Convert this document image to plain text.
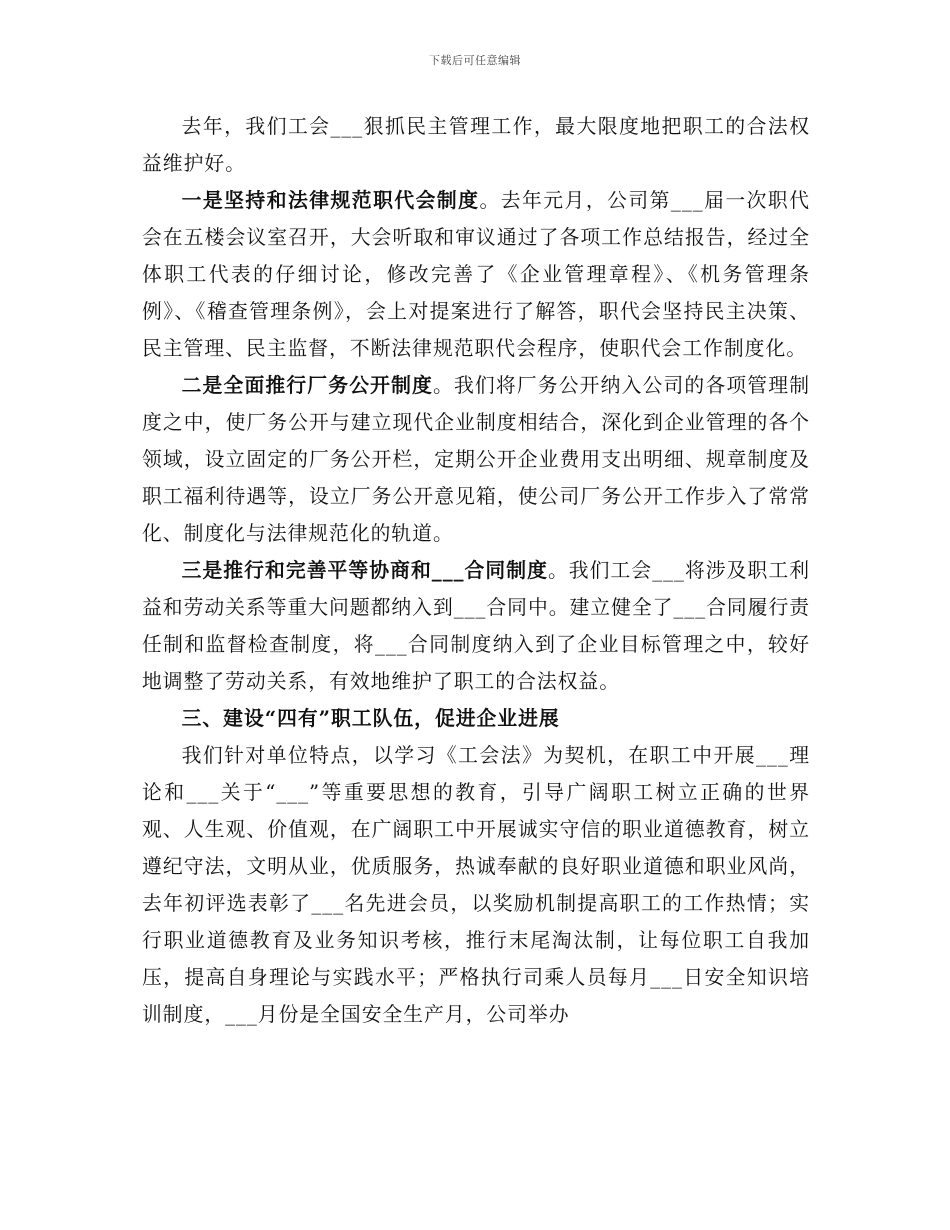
下载后可任意编辑

去年，我们工会___狠抓民主管理工作，最大限度地把职工的合法权益维护好。

一是坚持和法律规范职代会制度。去年元月，公司第___届一次职代会在五楼会议室召开，大会听取和审议通过了各项工作总结报告，经过全体职工代表的仔细讨论，修改完善了《企业管理章程》、《机务管理条例》、《稽查管理条例》，会上对提案进行了解答，职代会坚持民主决策、民主管理、民主监督，不断法律规范职代会程序，使职代会工作制度化。

二是全面推行厂务公开制度。我们将厂务公开纳入公司的各项管理制度之中，使厂务公开与建立现代企业制度相结合，深化到企业管理的各个领域，设立固定的厂务公开栏，定期公开企业费用支出明细、规章制度及职工福利待遇等，设立厂务公开意见箱，使公司厂务公开工作步入了常常化、制度化与法律规范化的轨道。

三是推行和完善平等协商和___合同制度。我们工会___将涉及职工利益和劳动关系等重大问题都纳入到___合同中。建立健全了___合同履行责任制和监督检查制度，将___合同制度纳入到了企业目标管理之中，较好地调整了劳动关系，有效地维护了职工的合法权益。

三、建设“四有”职工队伍，促进企业进展

我们针对单位特点，以学习《工会法》为契机，在职工中开展___理论和___关于“___”等重要思想的教育，引导广阔职工树立正确的世界观、人生观、价值观，在广阔职工中开展诚实守信的职业道德教育，树立遵纪守法，文明从业，优质服务，热诚奉献的良好职业道德和职业风尚，去年初评选表彰了___名先进会员，以奖励机制提高职工的工作热情；实行职业道德教育及业务知识考核，推行末尾淘汰制，让每位职工自我加压，提高自身理论与实践水平；严格执行司乘人员每月___日安全知识培训制度，___月份是全国安全生产月，公司举办
